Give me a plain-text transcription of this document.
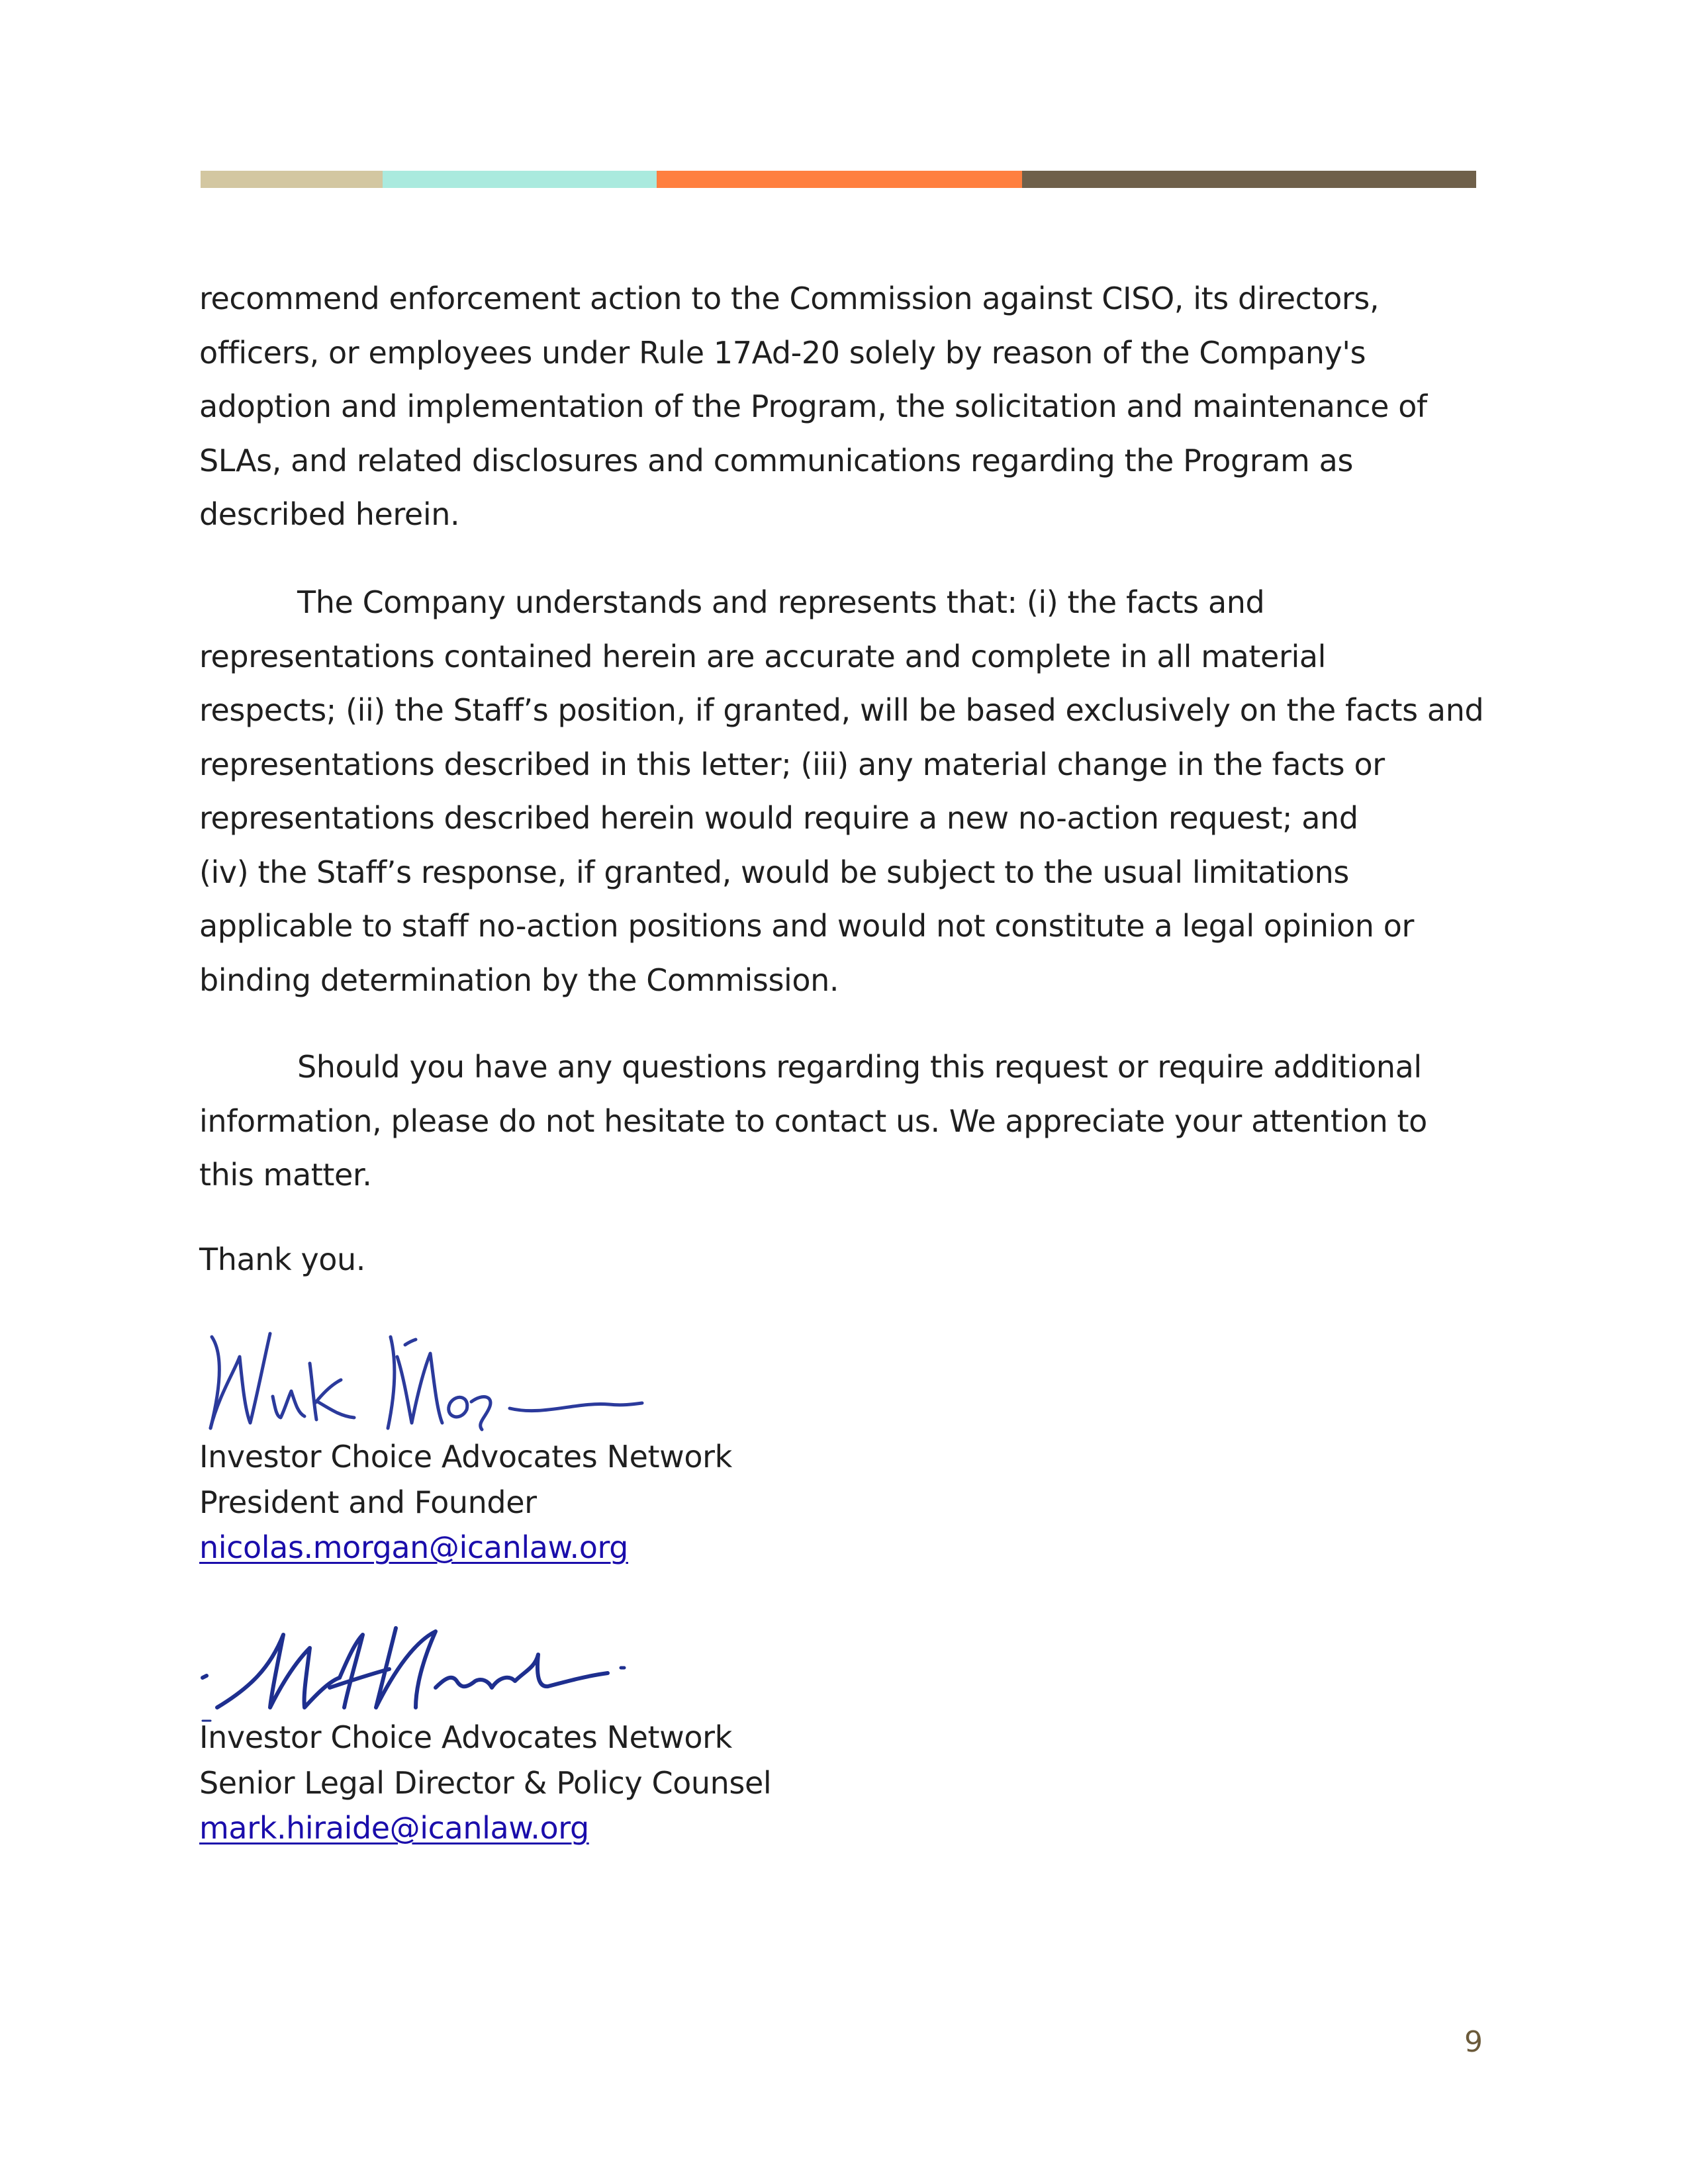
recommend enforcement action to the Commission against CISO, its directors,
officers, or employees under Rule 17Ad-20 solely by reason of the Company's
adoption and implementation of the Program, the solicitation and maintenance of
SLAs, and related disclosures and communications regarding the Program as
described herein.

The Company understands and represents that: (i) the facts and
representations contained herein are accurate and complete in all material
respects; (ii) the Staff’s position, if granted, will be based exclusively on the facts and
representations described in this letter; (iii) any material change in the facts or
representations described herein would require a new no-action request; and
(iv) the Staff’s response, if granted, would be subject to the usual limitations
applicable to staff no-action positions and would not constitute a legal opinion or
binding determination by the Commission.

Should you have any questions regarding this request or require additional
information, please do not hesitate to contact us. We appreciate your attention to
this matter.

Thank you.
Investor Choice Advocates Network
President and Founder
nicolas.morgan@icanlaw.org
Investor Choice Advocates Network
Senior Legal Director & Policy Counsel
mark.hiraide@icanlaw.org
9
